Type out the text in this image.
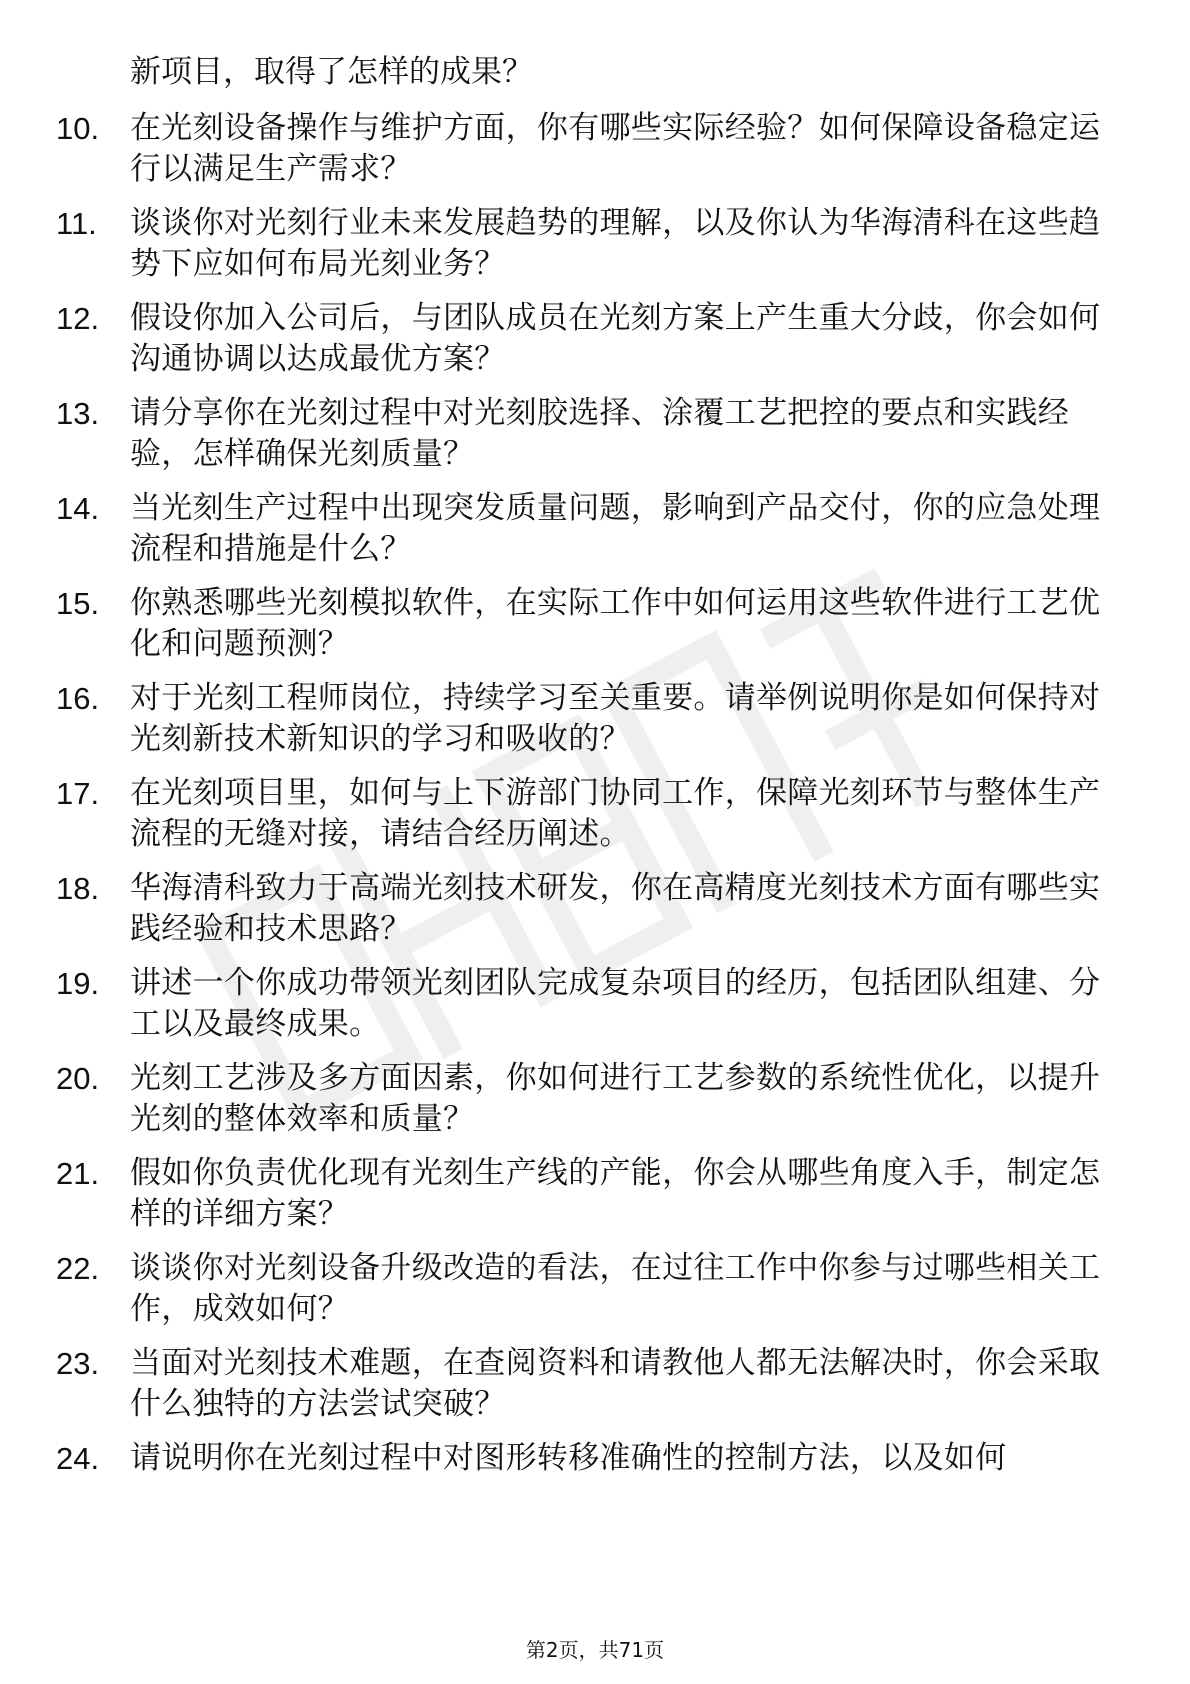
新项目，取得了怎样的成果？

10. 在光刻设备操作与维护方面，你有哪些实际经验？如何保障设备稳定运行以满足生产需求？
11.	谈谈你对光刻行业未来发展趋势的理解，以及你认为华海清科在这些趋势下应如何布局光刻业务？
12. 假设你加入公司后，与团队成员在光刻方案上产生重大分歧，你会如何沟通协调以达成最优方案？
13. 请分享你在光刻过程中对光刻胶选择、涂覆工艺把控的要点和实践经验，怎样确保光刻质量？
14. 当光刻生产过程中出现突发质量问题，影响到产品交付，你的应急处理流程和措施是什么？
15. 你熟悉哪些光刻模拟软件，在实际工作中如何运用这些软件进行工艺优化和问题预测？
16. 对于光刻工程师岗位，持续学习至关重要。请举例说明你是如何保持对光刻新技术新知识的学习和吸收的？
17. 在光刻项目里，如何与上下游部门协同工作，保障光刻环节与整体生产流程的无缝对接，请结合经历阐述。
18. 华海清科致力于高端光刻技术研发，你在高精度光刻技术方面有哪些实践经验和技术思路？
19. 讲述一个你成功带领光刻团队完成复杂项目的经历，包括团队组建、分工以及最终成果。
20. 光刻工艺涉及多方面因素，你如何进行工艺参数的系统性优化，以提升光刻的整体效率和质量？
21. 假如你负责优化现有光刻生产线的产能，你会从哪些角度入手，制定怎样的详细方案？
22. 谈谈你对光刻设备升级改造的看法，在过往工作中你参与过哪些相关工作，成效如何？
23. 当面对光刻技术难题，在查阅资料和请教他人都无法解决时，你会采取什么独特的方法尝试突破？
24. 请说明你在光刻过程中对图形转移准确性的控制方法，以及如何
第2页，共71页
